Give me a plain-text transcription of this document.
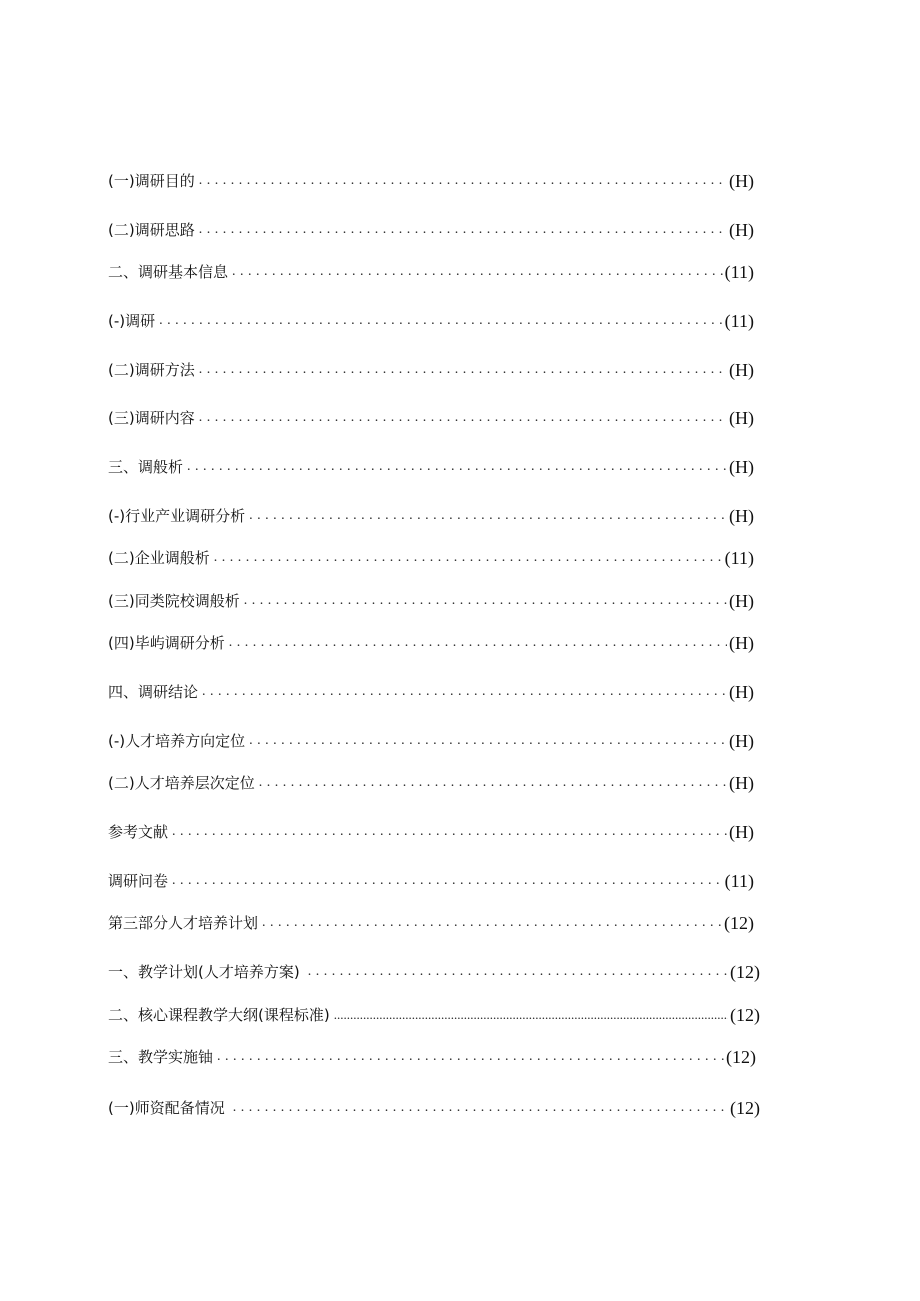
(一)调研目的 . . .	(H)
(二)调研思路 . . .	(H)
二、调研基本信息 . . .	(11)
(-)调研 . . .	(11)
(二)调研方法 . . .	(H)
(三)调研内容 . . .	(H)
三、调般析 . . .	(H)
(-)行业产业调研分析 . . .	(H)
(二)企业调般析 . . .	(11)
(三)同类院校调般析 . . .	(H)
(四)毕屿调研分析 . . .	(H)
四、调研结论 . . .	(H)
(-)人才培养方向定位 . . .	(H)
(二)人才培养层次定位 . . .	(H)
参考文献 . . .	(H)
调研问卷 . . .	(11)
第三部分人才培养计划 . . .	(12)
一、教学计划(人才培养方案) . . .	(12)
二、核心课程教学大纲(课程标准) .....	(12)
三、教学实施铀 . . .	(12)
(一)师资配备情况 . . .	(12)
